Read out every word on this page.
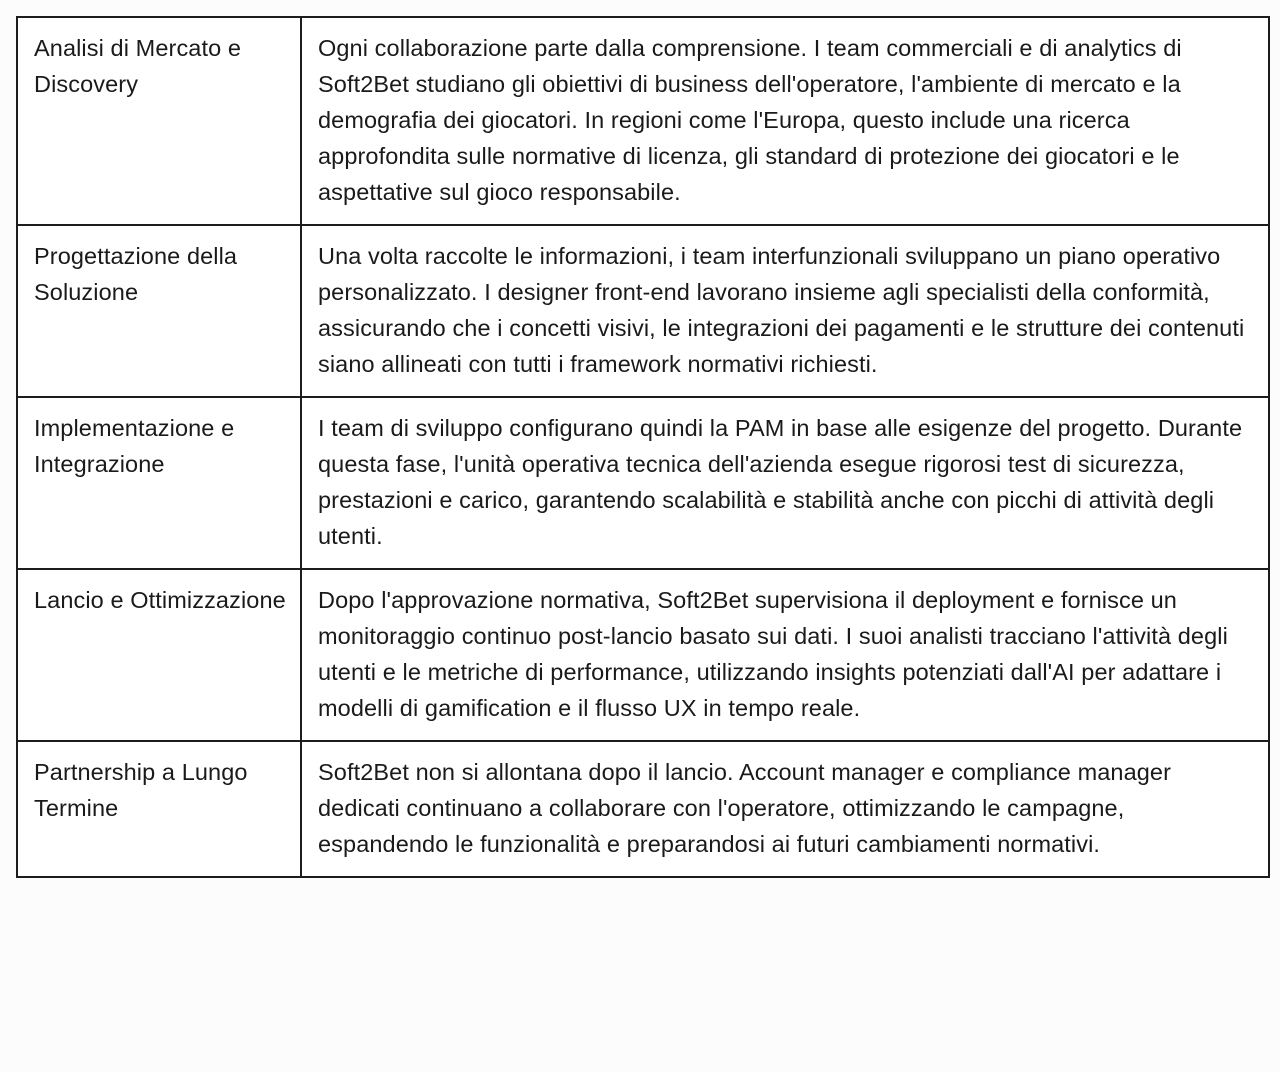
Analisi di Mercato e Discovery	Ogni collaborazione parte dalla comprensione. I team commerciali e di analytics di Soft2Bet studiano gli obiettivi di business dell'operatore, l'ambiente di mercato e la demografia dei giocatori. In regioni come l'Europa, questo include una ricerca approfondita sulle normative di licenza, gli standard di protezione dei giocatori e le aspettative sul gioco responsabile.
Progettazione della Soluzione	Una volta raccolte le informazioni, i team interfunzionali sviluppano un piano operativo personalizzato. I designer front-end lavorano insieme agli specialisti della conformità, assicurando che i concetti visivi, le integrazioni dei pagamenti e le strutture dei contenuti siano allineati con tutti i framework normativi richiesti.
Implementazione e Integrazione	I team di sviluppo configurano quindi la PAM in base alle esigenze del progetto. Durante questa fase, l'unità operativa tecnica dell'azienda esegue rigorosi test di sicurezza, prestazioni e carico, garantendo scalabilità e stabilità anche con picchi di attività degli utenti.
Lancio e Ottimizzazione	Dopo l'approvazione normativa, Soft2Bet supervisiona il deployment e fornisce un monitoraggio continuo post-lancio basato sui dati. I suoi analisti tracciano l'attività degli utenti e le metriche di performance, utilizzando insights potenziati dall'AI per adattare i modelli di gamification e il flusso UX in tempo reale.
Partnership a Lungo Termine	Soft2Bet non si allontana dopo il lancio. Account manager e compliance manager dedicati continuano a collaborare con l'operatore, ottimizzando le campagne, espandendo le funzionalità e preparandosi ai futuri cambiamenti normativi.
